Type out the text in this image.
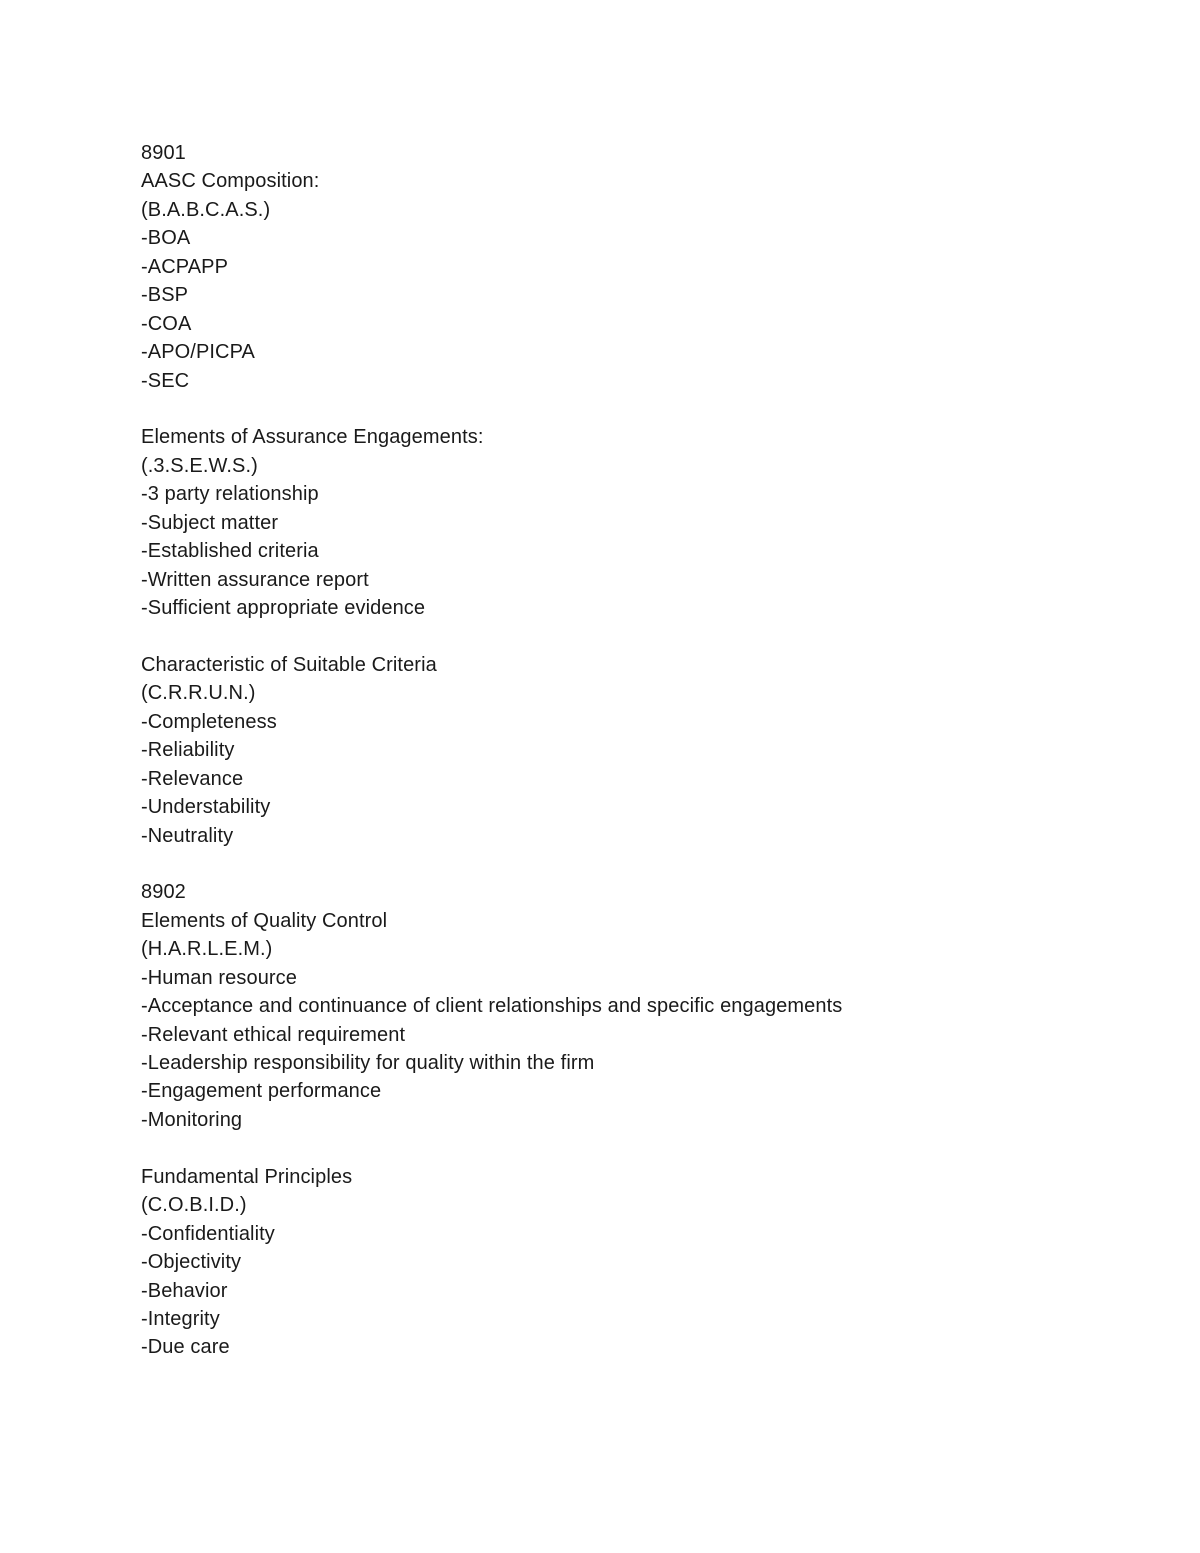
8901
AASC Composition:
(B.A.B.C.A.S.)
-BOA
-ACPAPP
-BSP
-COA
-APO/PICPA
-SEC
Elements of Assurance Engagements:
(.3.S.E.W.S.)
-3 party relationship
-Subject matter
-Established criteria
-Written assurance report
-Sufficient appropriate evidence
Characteristic of Suitable Criteria
(C.R.R.U.N.)
-Completeness
-Reliability
-Relevance
-Understability
-Neutrality
8902
Elements of Quality Control
(H.A.R.L.E.M.)
-Human resource
-Acceptance and continuance of client relationships and specific engagements
-Relevant ethical requirement
-Leadership responsibility for quality within the firm
-Engagement performance
-Monitoring
Fundamental Principles
(C.O.B.I.D.)
-Confidentiality
-Objectivity
-Behavior
-Integrity
-Due care
